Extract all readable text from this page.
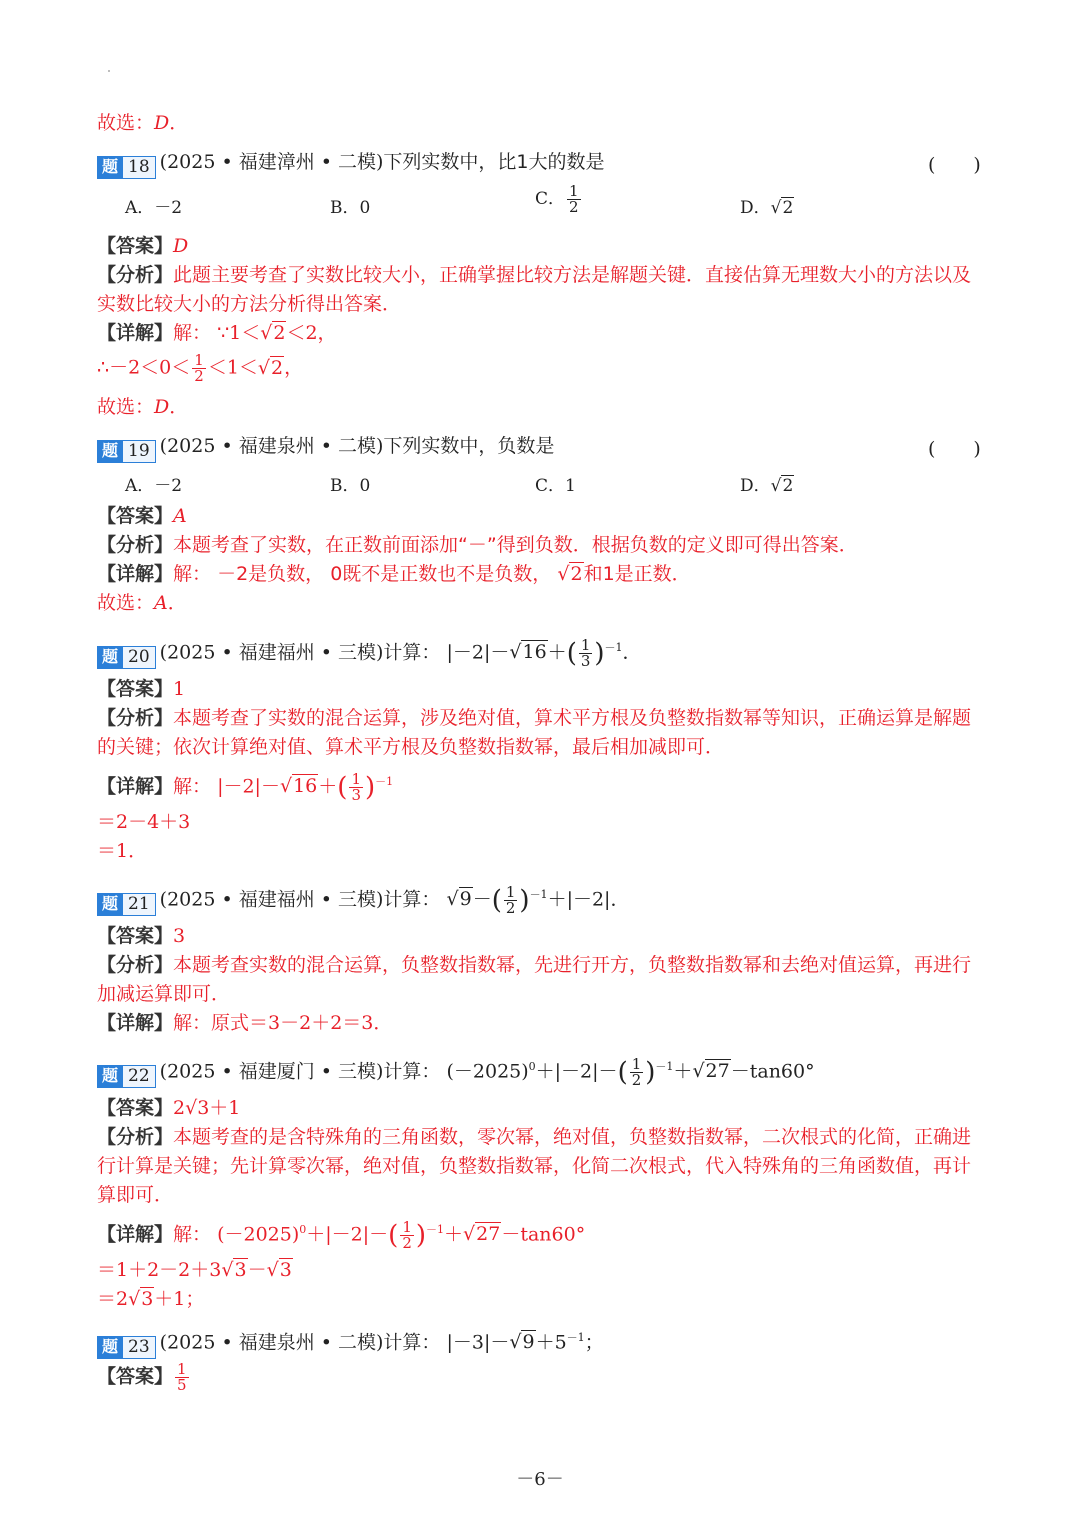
故选：D．
题 18 (2025 • 福建漳州 • 二模)下列实数中，比1大的数是	(　　)
A．－2	B．0	C． $\frac{1}{2}$	D．√2
【答案】D
【分析】此题主要考查了实数比较大小，正确掌握比较方法是解题关键．直接估算无理数大小的方法以及
实数比较大小的方法分析得出答案．
【详解】解： ∵1＜√2＜2，
∴－2＜0＜ $\frac{1}{2} <1<√2$，
故选：D．
题 19 (2025 • 福建泉州 • 二模)下列实数中，负数是	(　　)
A．－2	B．0	C．1	D．√2
【答案】A
【分析】本题考查了实数，在正数前面添加“－”得到负数．根据负数的定义即可得出答案．
【详解】解： －2是负数， 0既不是正数也不是负数， √2和1是正数．
故选：A．
题 20 (2025 • 福建福州 • 三模)计算： $|-2|-√16+( \frac{1}{3} )^{-1}$．
【答案】1
【分析】本题考查了实数的混合运算，涉及绝对值，算术平方根及负整数指数幂等知识，正确运算是解题
的关键；依次计算绝对值、算术平方根及负整数指数幂，最后相加减即可．
【详解】解： $|-2|-√16+( \frac{1}{3} )^{-1}$
＝2－4＋3
＝1．
题 21 (2025 • 福建福州 • 三模)计算： $√9-( \frac{1}{2} )^{-1}+|-2|$．
【答案】3
【分析】本题考查实数的混合运算，负整数指数幂，先进行开方，负整数指数幂和去绝对值运算，再进行
加减运算即可．
【详解】解：原式＝3－2＋2＝3．
题 22 (2025 • 福建厦门 • 三模)计算： $(-2025)^0+|-2|-( \frac{1}{2} )^{-1}+√27-\tan 60^\circ$
【答案】2√3＋1
【分析】本题考查的是含特殊角的三角函数，零次幂，绝对值，负整数指数幂，二次根式的化简，正确进
行计算是关键；先计算零次幂，绝对值，负整数指数幂，化简二次根式，代入特殊角的三角函数值，再计
算即可．
【详解】解： $(-2025)^0+|-2|-( \frac{1}{2} )^{-1}+√27-\tan 60^\circ$
＝1＋2－2＋3√3－√3
＝2√3＋1；
题 23 (2025 • 福建泉州 • 二模)计算： $|-3|-√9+5^{-1}$；
【答案】 $\frac{1}{5}$
－6－
